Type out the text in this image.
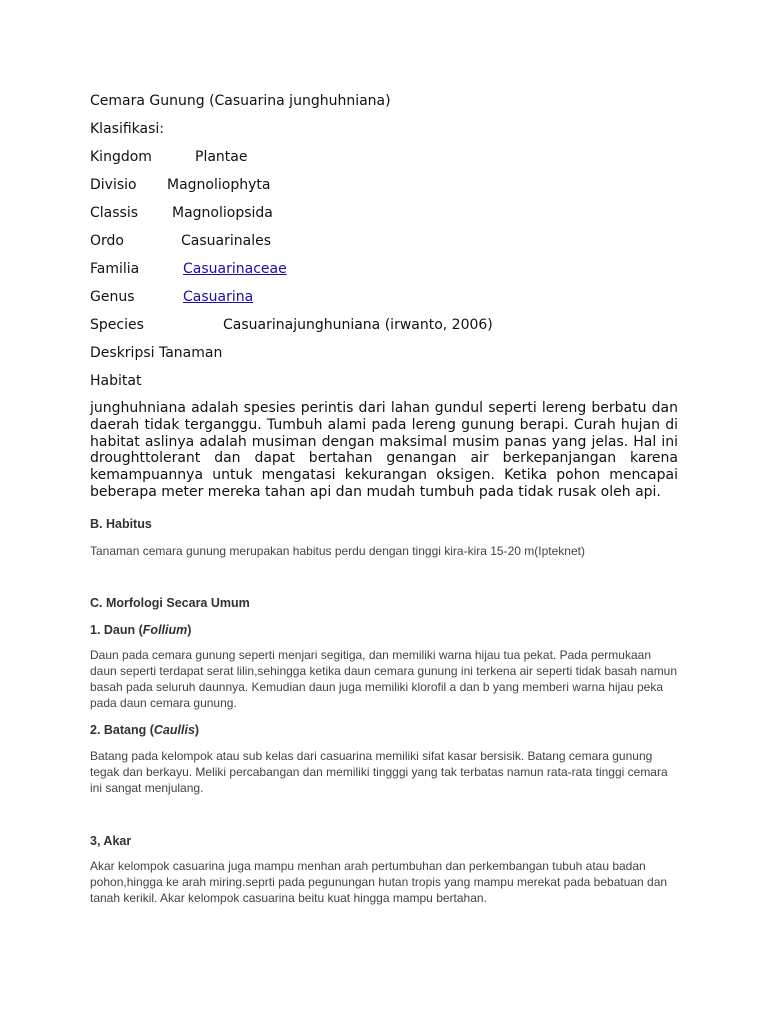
Cemara Gunung (Casuarina junghuhniana)
Klasifikasi:
Kingdom	Plantae
Divisio Magnoliophyta
Classis Magnoliopsida
Ordo	Casuarinales
Familia	Casuarinaceae
Genus	Casuarina
Species	Casuarinajunghuniana (irwanto, 2006)
Deskripsi Tanaman
Habitat
junghuhniana adalah spesies perintis dari lahan gundul seperti lereng berbatu dan daerah tidak terganggu. Tumbuh alami pada lereng gunung berapi. Curah hujan di habitat aslinya adalah musiman dengan maksimal musim panas yang jelas. Hal ini droughttolerant dan dapat bertahan genangan air berkepanjangan karena kemampuannya untuk mengatasi kekurangan oksigen. Ketika pohon mencapai beberapa meter mereka tahan api dan mudah tumbuh pada tidak rusak oleh api.
B. Habitus
Tanaman cemara gunung merupakan habitus perdu dengan tinggi kira-kira 15-20 m(Ipteknet)
C. Morfologi Secara Umum
1. Daun (Follium)
Daun pada cemara gunung seperti menjari segitiga, dan memiliki warna hijau tua pekat. Pada permukaan daun seperti terdapat serat lilin,sehingga ketika daun cemara gunung ini terkena air seperti tidak basah namun basah pada seluruh daunnya. Kemudian daun juga memiliki klorofil a dan b yang memberi warna hijau peka pada daun cemara gunung.
2. Batang (Caullis)
Batang pada kelompok atau sub kelas dari casuarina memiliki sifat kasar bersisik. Batang cemara gunung tegak dan berkayu. Meliki percabangan dan memiliki tingggi yang tak terbatas namun rata-rata tinggi cemara ini sangat menjulang.
3, Akar
Akar kelompok casuarina juga mampu menhan arah pertumbuhan dan perkembangan tubuh atau badan pohon,hingga ke arah miring.seprti pada pegunungan hutan tropis yang mampu merekat pada bebatuan dan tanah kerikil. Akar kelompok casuarina beitu kuat hingga mampu bertahan.
